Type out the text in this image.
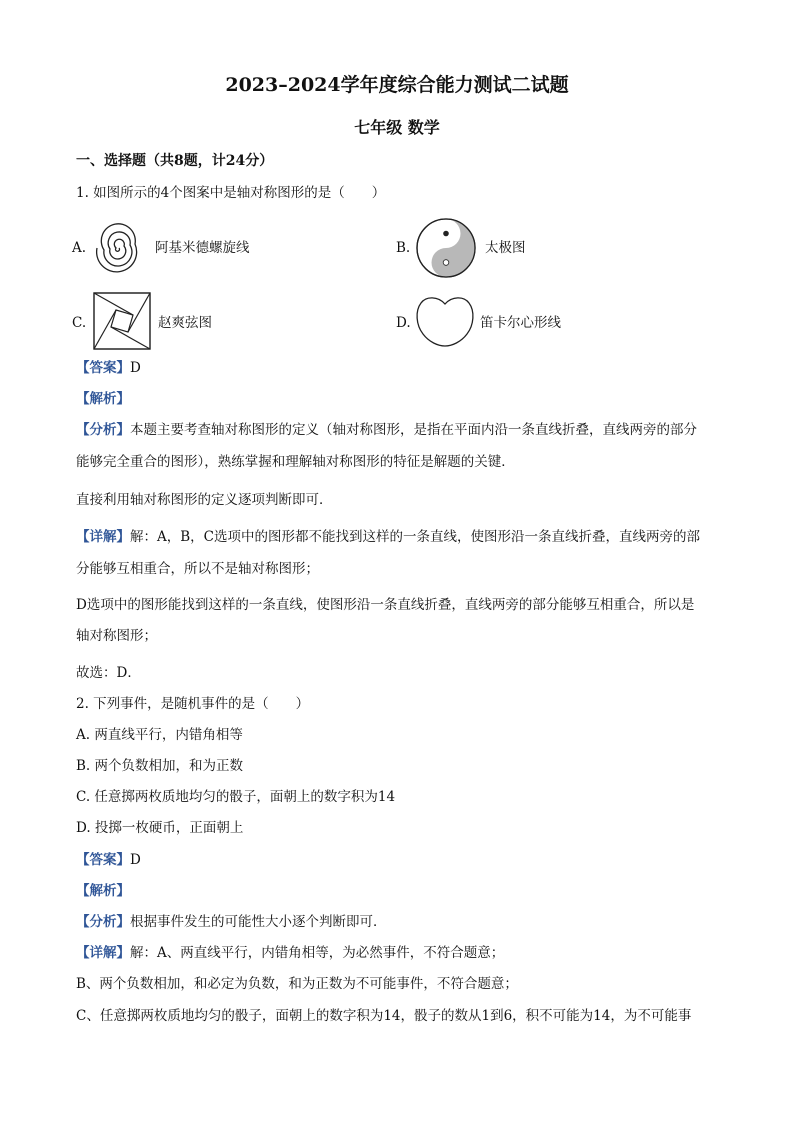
2023–2024学年度综合能力测试二试题
七年级 数学
一、选择题（共8题，计24分）
1. 如图所示的4个图案中是轴对称图形的是（　　）
A.	阿基米德螺旋线	B.	太极图
C.	赵爽弦图	D.	笛卡尔心形线
【答案】D
【解析】
【分析】本题主要考查轴对称图形的定义（轴对称图形，是指在平面内沿一条直线折叠，直线两旁的部分
能够完全重合的图形），熟练掌握和理解轴对称图形的特征是解题的关键．
直接利用轴对称图形的定义逐项判断即可．
【详解】解：A，B，C选项中的图形都不能找到这样的一条直线，使图形沿一条直线折叠，直线两旁的部
分能够互相重合，所以不是轴对称图形；
D选项中的图形能找到这样的一条直线，使图形沿一条直线折叠，直线两旁的部分能够互相重合，所以是
轴对称图形；
故选：D．
2. 下列事件，是随机事件的是（　　）
A. 两直线平行，内错角相等
B. 两个负数相加，和为正数
C. 任意掷两枚质地均匀的骰子，面朝上的数字积为14
D. 投掷一枚硬币，正面朝上
【答案】D
【解析】
【分析】根据事件发生的可能性大小逐个判断即可．
【详解】解：A、两直线平行，内错角相等，为必然事件，不符合题意；
B、两个负数相加，和必定为负数，和为正数为不可能事件，不符合题意；
C、任意掷两枚质地均匀的骰子，面朝上的数字积为14，骰子的数从1到6，积不可能为14，为不可能事
